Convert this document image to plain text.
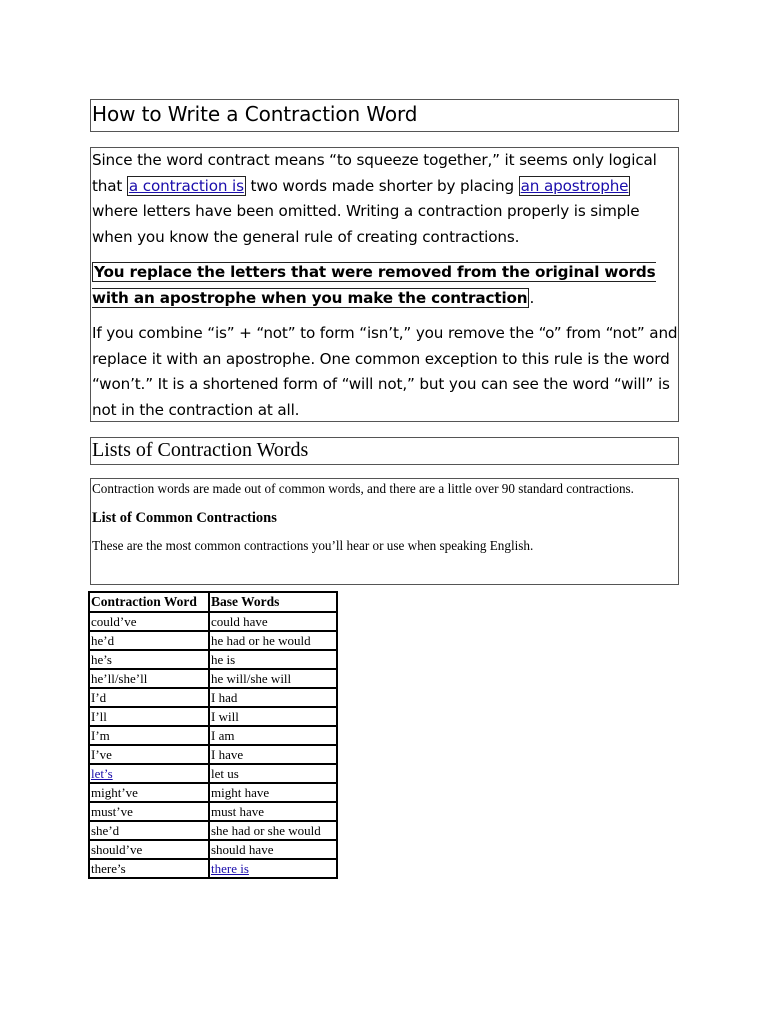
How to Write a Contraction Word

Since the word contract means “to squeeze together,” it seems only logical that a contraction is two words made shorter by placing an apostrophe where letters have been omitted. Writing a contraction properly is simple when you know the general rule of creating contractions.

You replace the letters that were removed from the original words with an apostrophe when you make the contraction .

If you combine “is” + “not” to form “isn’t,” you remove the “o” from “not” and replace it with an apostrophe. One common exception to this rule is the word “won’t.” It is a shortened form of “will not,” but you can see the word “will” is not in the contraction at all.

Lists of Contraction Words

Contraction words are made out of common words, and there are a little over 90 standard contractions.

List of Common Contractions

These are the most common contractions you’ll hear or use when speaking English.

Contraction Word	Base Words
could’ve	could have
he’d	he had or he would
he’s	he is
he’ll/she’ll	he will/she will
I’d	I had
I’ll	I will
I’m	I am
I’ve	I have
let’s	let us
might’ve	might have
must’ve	must have
she’d	she had or she would
should’ve	should have
there’s	there is
